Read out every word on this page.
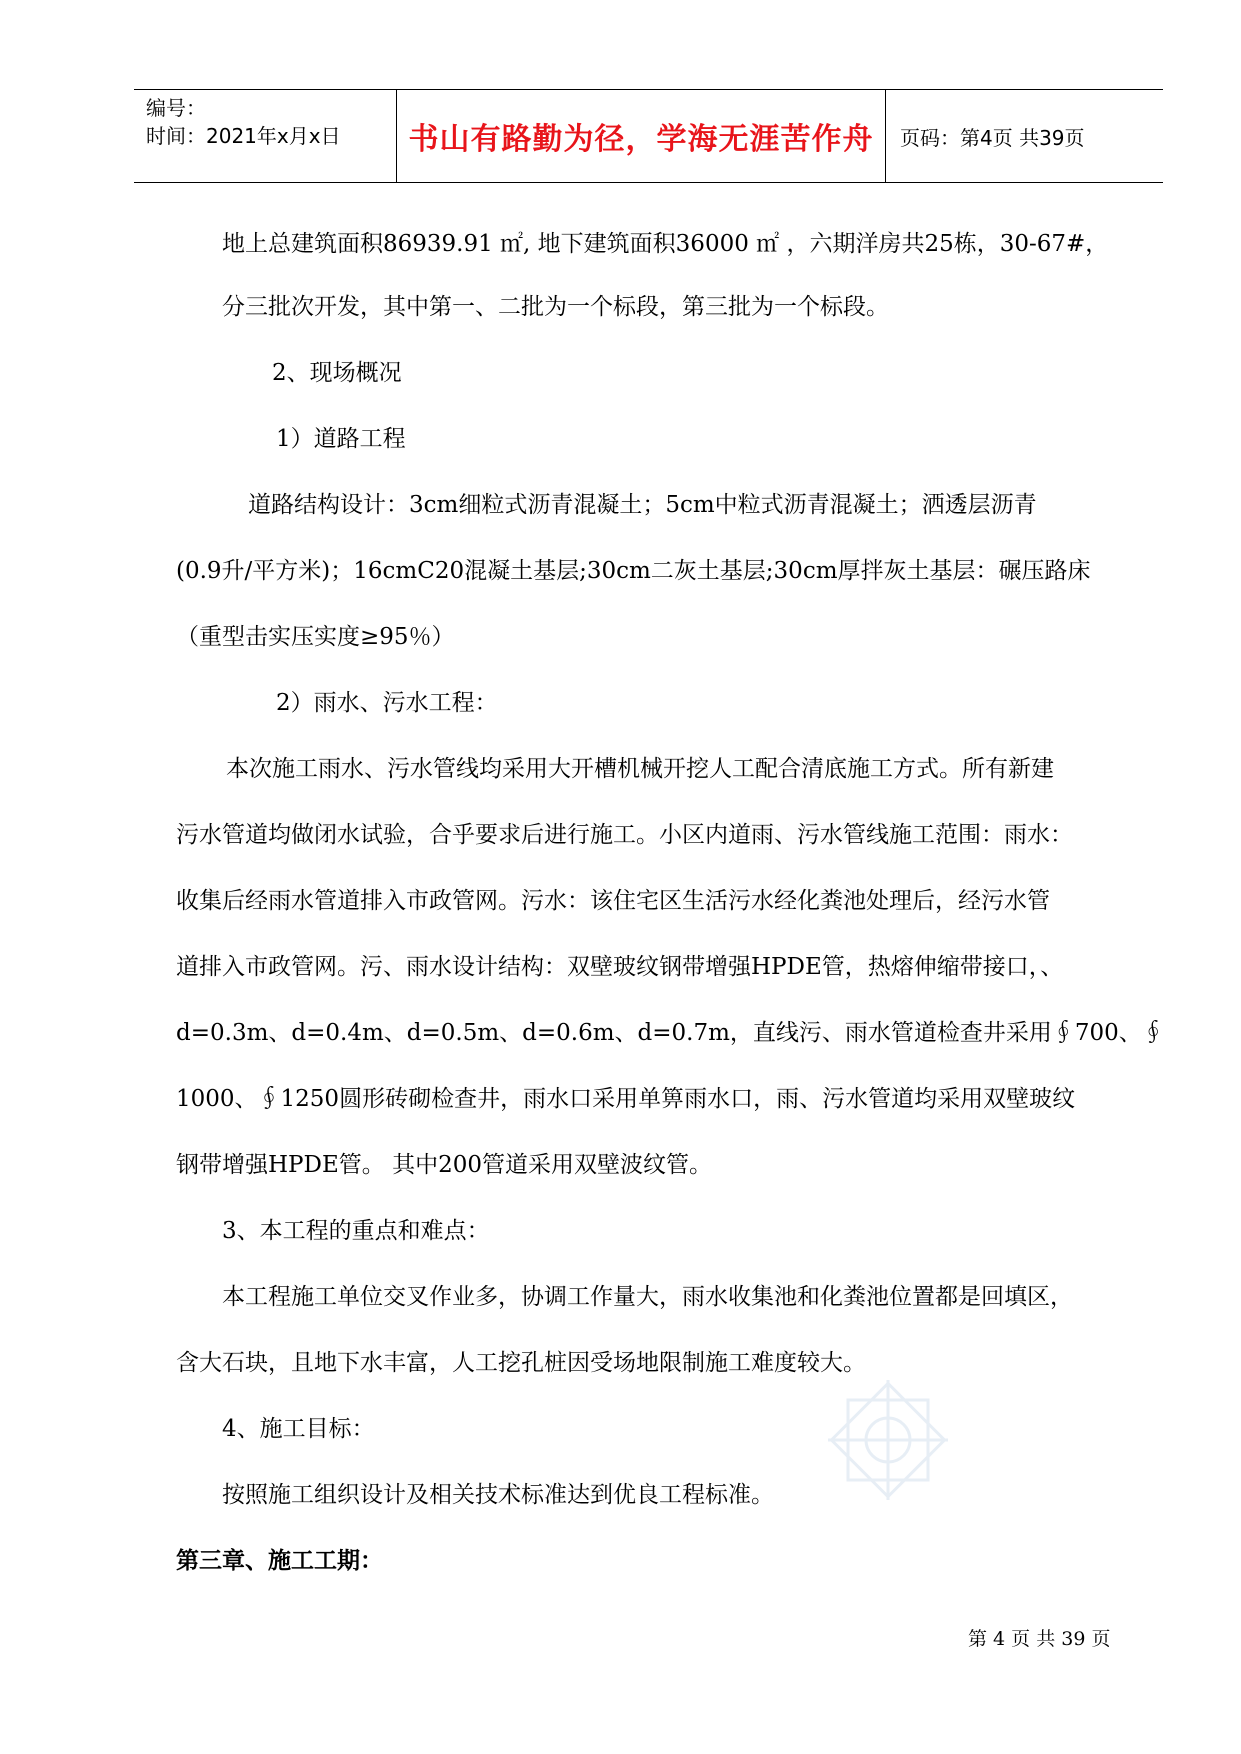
编号：
时间：2021年x月x日 书山有路勤为径，学海无涯苦作舟 页码：第4页 共39页
地上总建筑面积86939.91 ㎡, 地下建筑面积36000 ㎡ ，六期洋房共25栋，30-67#，
分三批次开发，其中第一、二批为一个标段，第三批为一个标段。
2、现场概况
1）道路工程
道路结构设计：3cm细粒式沥青混凝土；5cm中粒式沥青混凝土；洒透层沥青
(0.9升/平方米)；16cmC20混凝土基层;30cm二灰土基层;30cm厚拌灰土基层：碾压路床
（重型击实压实度≥95％）
2）雨水、污水工程：
本次施工雨水、污水管线均采用大开槽机械开挖人工配合清底施工方式。所有新建
污水管道均做闭水试验，合乎要求后进行施工。小区内道雨、污水管线施工范围：雨水：
收集后经雨水管道排入市政管网。污水：该住宅区生活污水经化粪池处理后，经污水管
道排入市政管网。污、雨水设计结构：双壁玻纹钢带增强HPDE管，热熔伸缩带接口，、
d=0.3m、d=0.4m、d=0.5m、d=0.6m、d=0.7m，直线污、雨水管道检查井采用∮700、∮
1000、∮1250圆形砖砌检查井，雨水口采用单箅雨水口，雨、污水管道均采用双壁玻纹
钢带增强HPDE管。 其中200管道采用双壁波纹管。
3、本工程的重点和难点：
本工程施工单位交叉作业多，协调工作量大，雨水收集池和化粪池位置都是回填区，
含大石块，且地下水丰富，人工挖孔桩因受场地限制施工难度较大。
4、施工目标：
按照施工组织设计及相关技术标准达到优良工程标准。
第三章、施工工期：
第 4 页 共 39 页
